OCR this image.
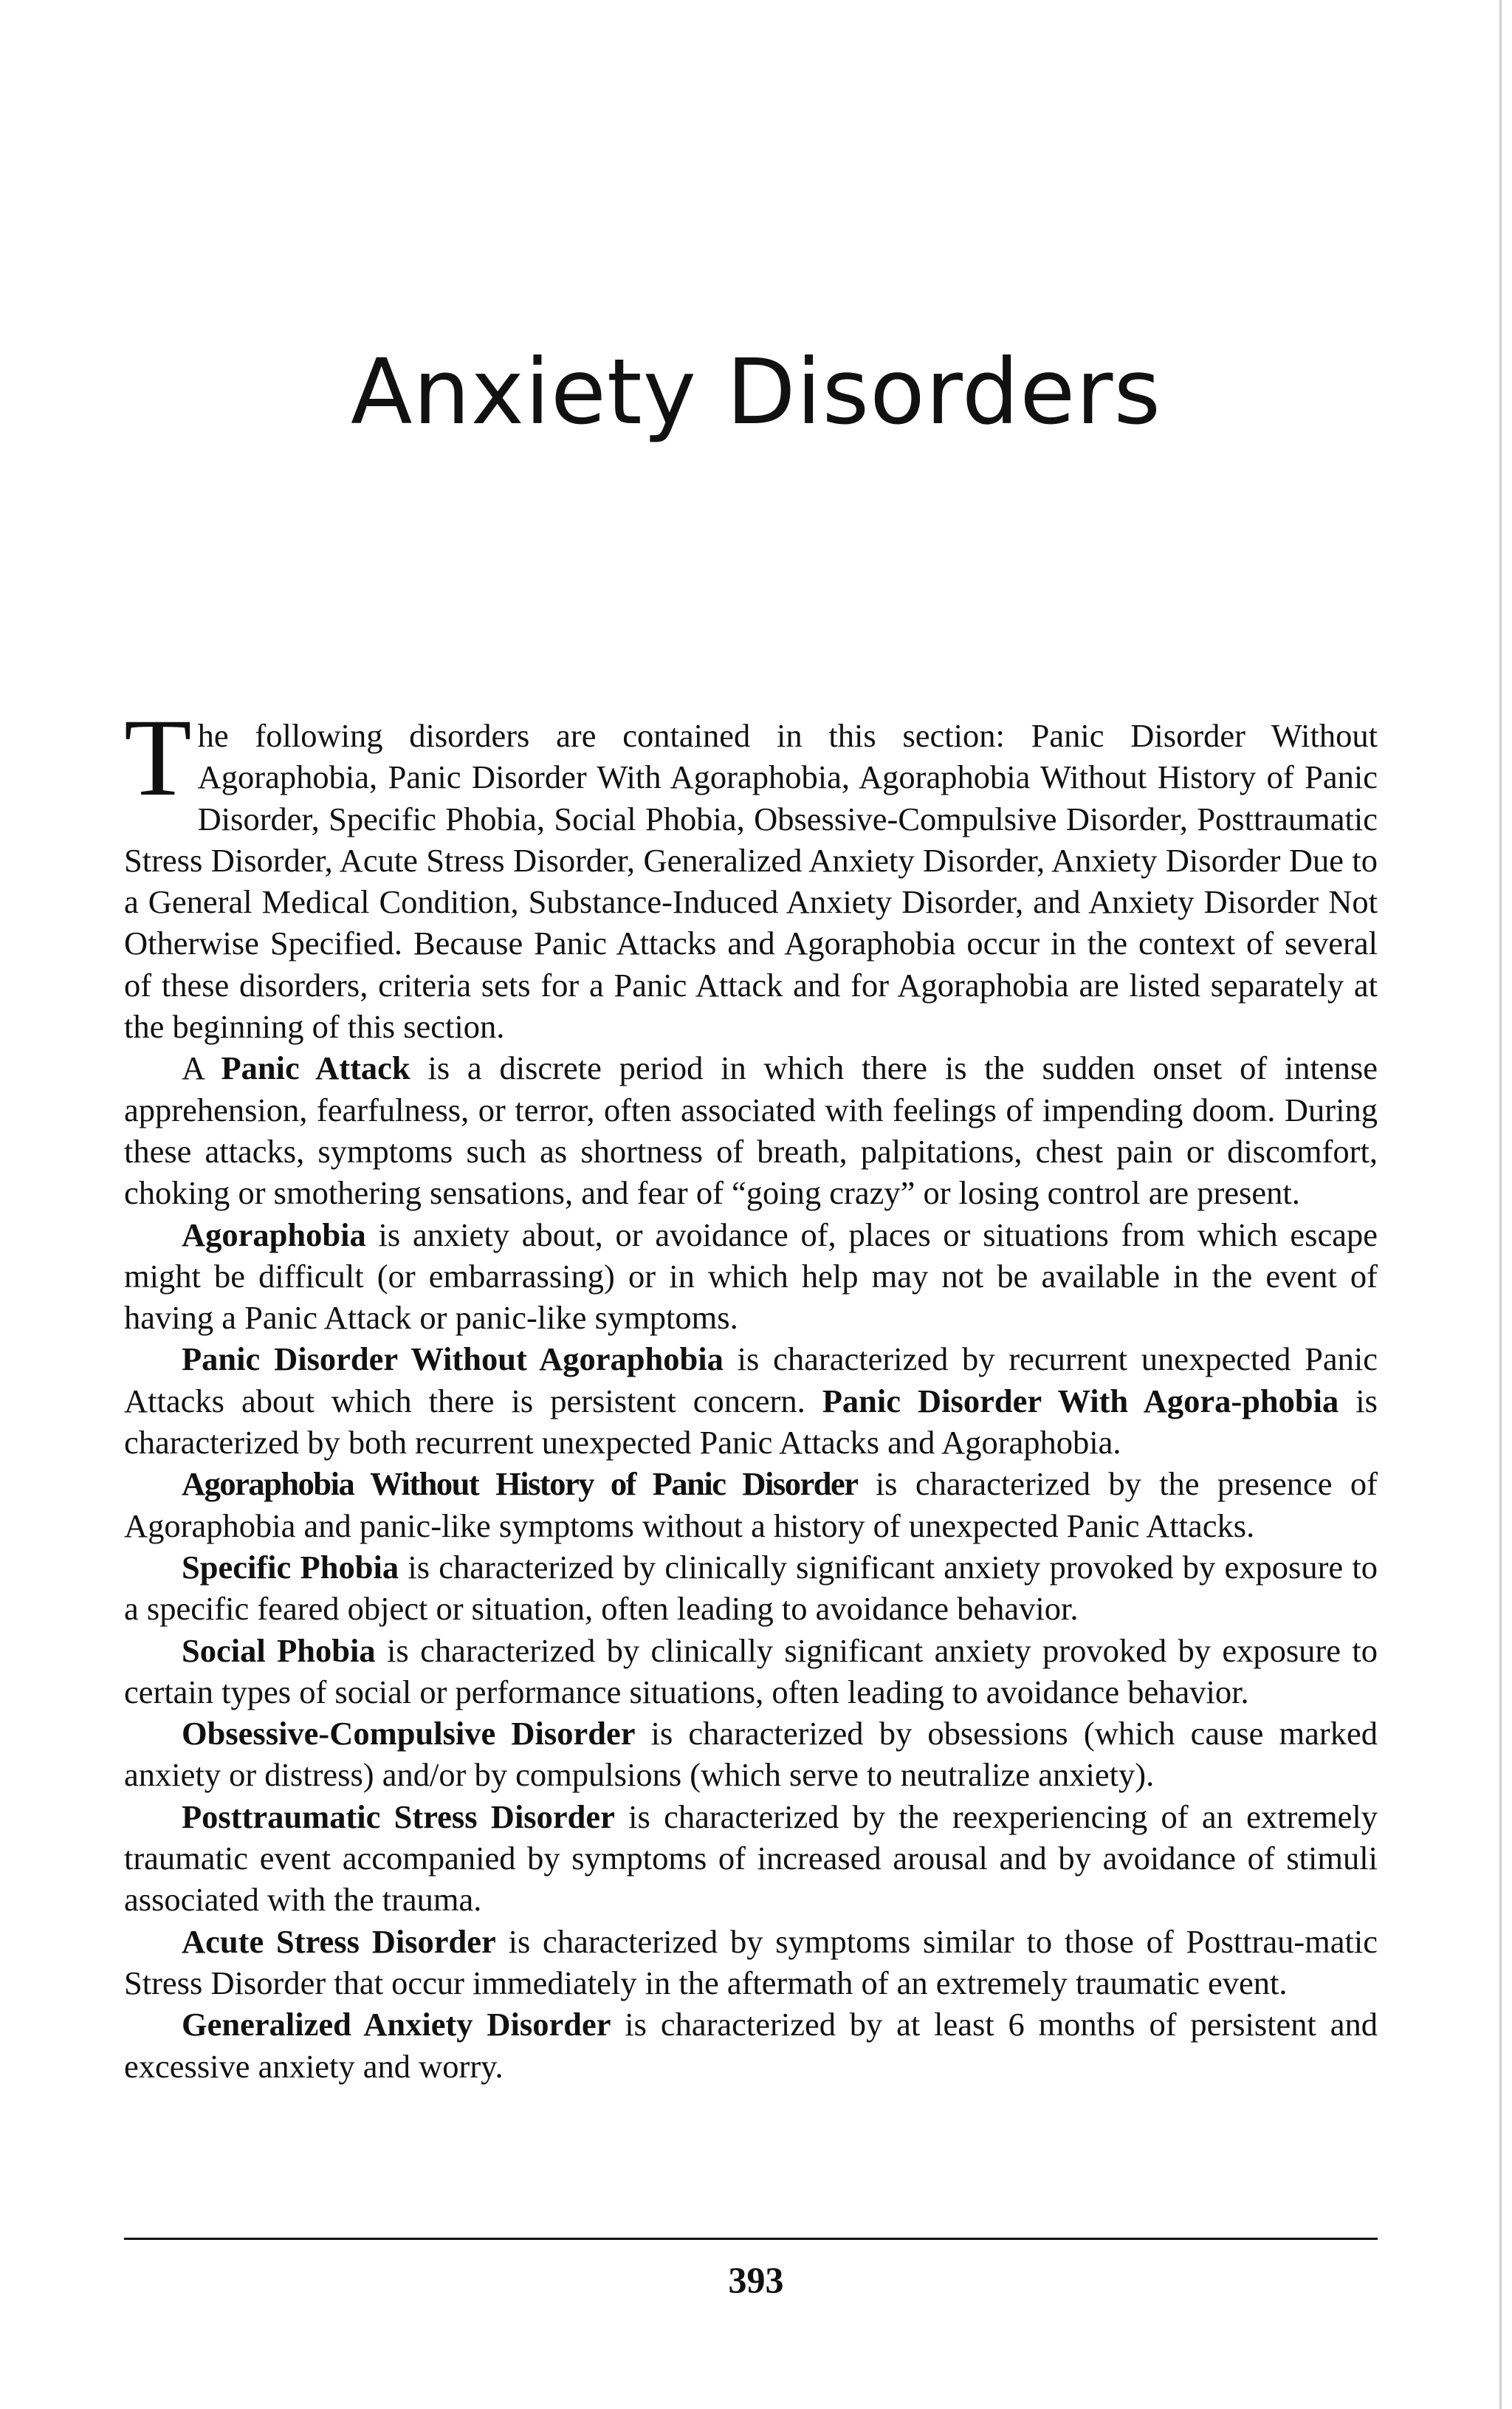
Anxiety Disorders

The following disorders are contained in this section: Panic Disorder Without Agoraphobia, Panic Disorder With Agoraphobia, Agoraphobia Without History of Panic Disorder, Specific Phobia, Social Phobia, Obsessive-Compulsive Disorder, Posttraumatic Stress Disorder, Acute Stress Disorder, Generalized Anxiety Disorder, Anxiety Disorder Due to a General Medical Condition, Substance-Induced Anxiety Disorder, and Anxiety Disorder Not Otherwise Specified. Because Panic Attacks and Agoraphobia occur in the context of several of these disorders, criteria sets for a Panic Attack and for Agoraphobia are listed separately at the beginning of this section.

A Panic Attack is a discrete period in which there is the sudden onset of intense apprehension, fearfulness, or terror, often associated with feelings of impending doom. During these attacks, symptoms such as shortness of breath, palpitations, chest pain or discomfort, choking or smothering sensations, and fear of “going crazy” or losing control are present.

Agoraphobia is anxiety about, or avoidance of, places or situations from which escape might be difficult (or embarrassing) or in which help may not be available in the event of having a Panic Attack or panic-like symptoms.

Panic Disorder Without Agoraphobia is characterized by recurrent unexpected Panic Attacks about which there is persistent concern. Panic Disorder With Agora-phobia is characterized by both recurrent unexpected Panic Attacks and Agoraphobia.

Agoraphobia Without History of Panic Disorder is characterized by the presence of Agoraphobia and panic-like symptoms without a history of unexpected Panic Attacks.

Specific Phobia is characterized by clinically significant anxiety provoked by exposure to a specific feared object or situation, often leading to avoidance behavior.

Social Phobia is characterized by clinically significant anxiety provoked by exposure to certain types of social or performance situations, often leading to avoidance behavior.

Obsessive-Compulsive Disorder is characterized by obsessions (which cause marked anxiety or distress) and/or by compulsions (which serve to neutralize anxiety).

Posttraumatic Stress Disorder is characterized by the reexperiencing of an extremely traumatic event accompanied by symptoms of increased arousal and by avoidance of stimuli associated with the trauma.

Acute Stress Disorder is characterized by symptoms similar to those of Posttrau-matic Stress Disorder that occur immediately in the aftermath of an extremely traumatic event.

Generalized Anxiety Disorder is characterized by at least 6 months of persistent and excessive anxiety and worry.

393
